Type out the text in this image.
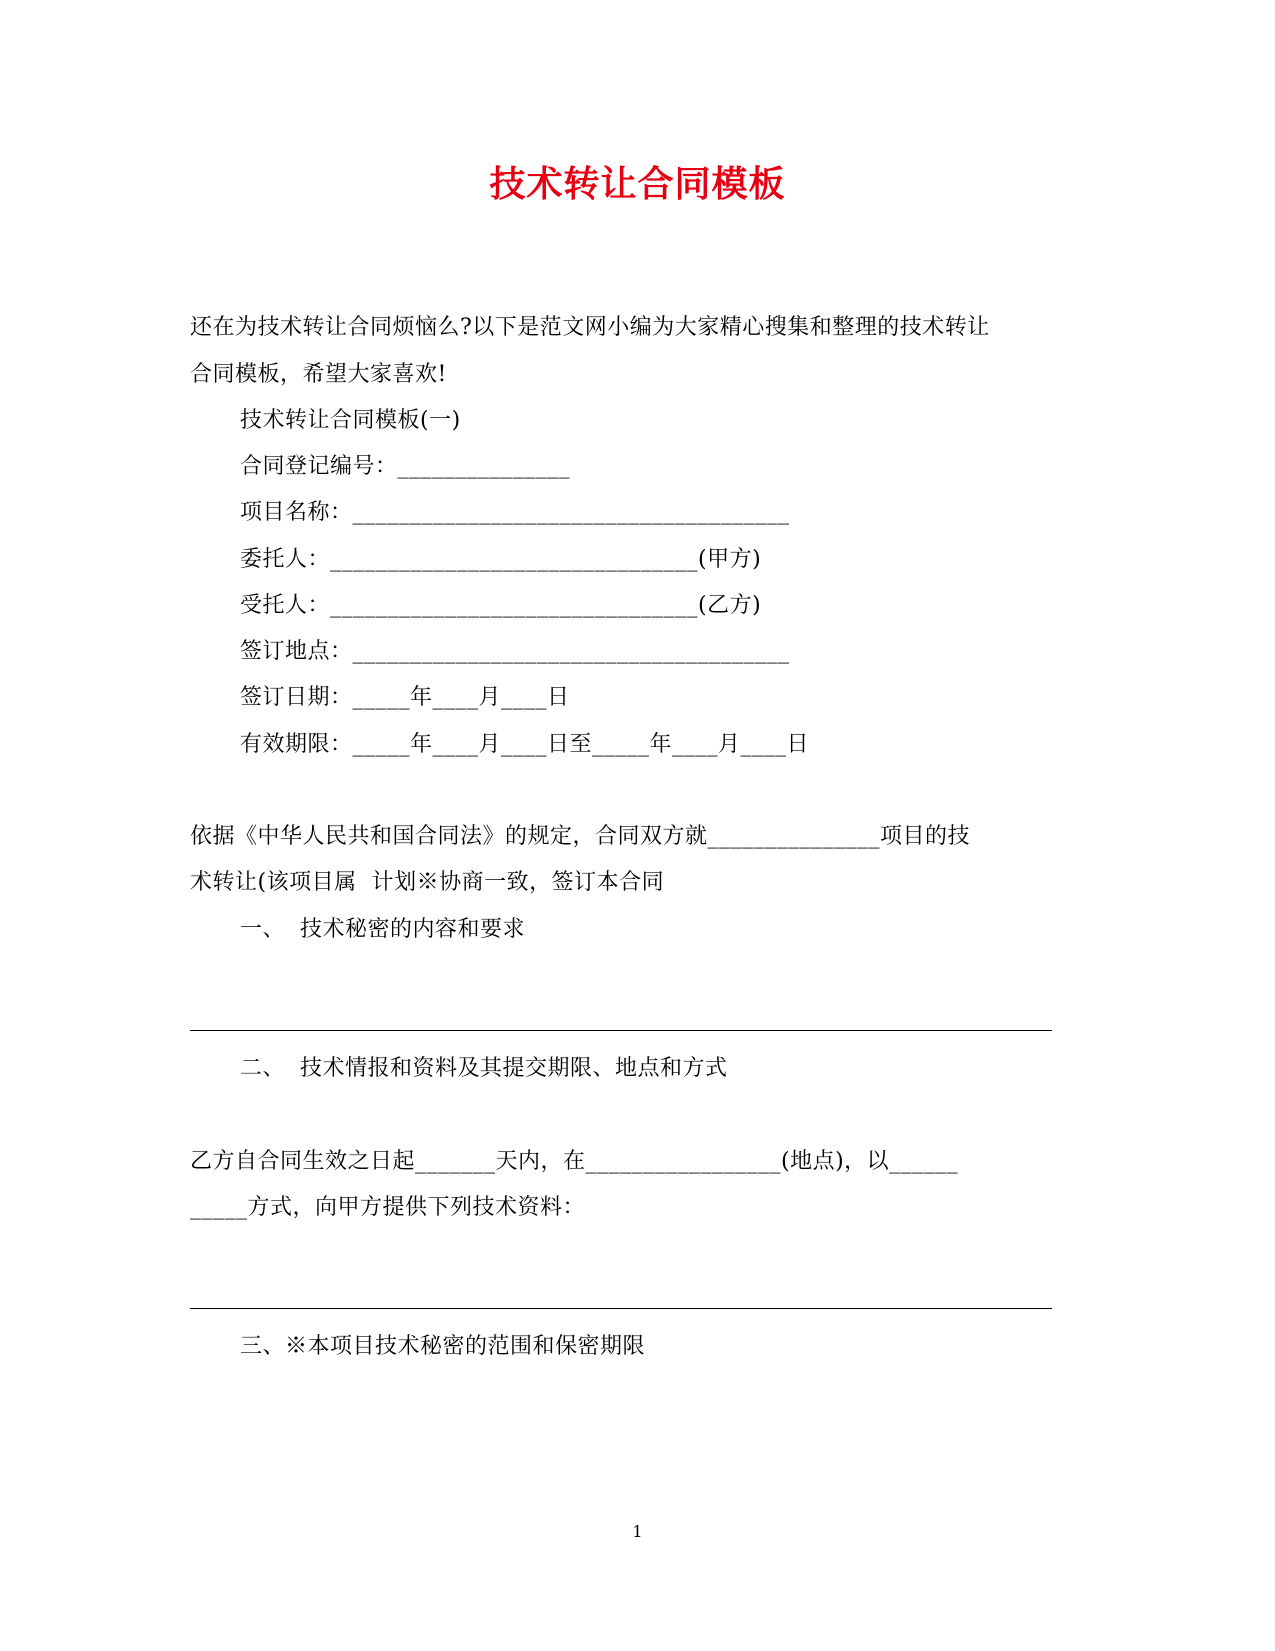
技术转让合同模板
还在为技术转让合同烦恼么?以下是范文网小编为大家精心搜集和整理的技术转让
合同模板，希望大家喜欢!
技术转让合同模板(一)
合同登记编号：_______________
项目名称：______________________________________
委托人：________________________________(甲方)
受托人：________________________________(乙方)
签订地点：______________________________________
签订日期：_____年____月____日
有效期限：_____年____月____日至_____年____月____日
依据《中华人民共和国合同法》的规定，合同双方就_______________项目的技
术转让(该项目属  计划※协商一致，签订本合同
一、  技术秘密的内容和要求
二、  技术情报和资料及其提交期限、地点和方式
乙方自合同生效之日起_______天内，在_________________(地点)，以______
_____方式，向甲方提供下列技术资料：
三、※本项目技术秘密的范围和保密期限
1
